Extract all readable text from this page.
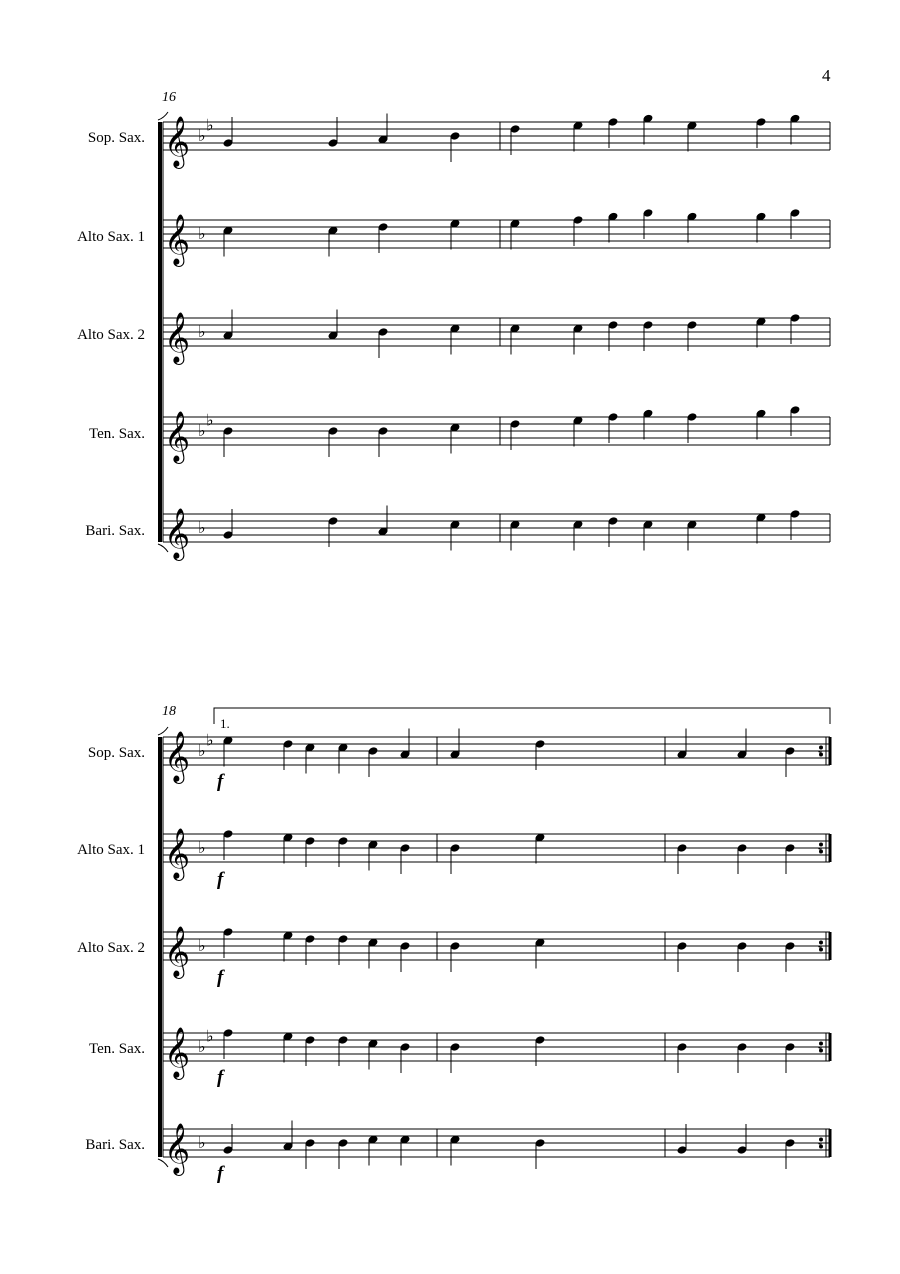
4
16
18
Sop. Sax.
Alto Sax. 1
Alto Sax. 2
Ten. Sax.
Bari. Sax.
Sop. Sax.
Alto Sax. 1
Alto Sax. 2
Ten. Sax.
Bari. Sax.
1.
f
f
f
f
f
𝄞 ♭
♭
𝄞 ♭
𝄞 ♭
𝄞 ♭
♭
𝄞 ♭
𝄞 ♭
♭
𝄞 ♭
𝄞 ♭
𝄞 ♭
♭
𝄞 ♭
𝄾
𝄾
𝄾
𝄾
𝄾
